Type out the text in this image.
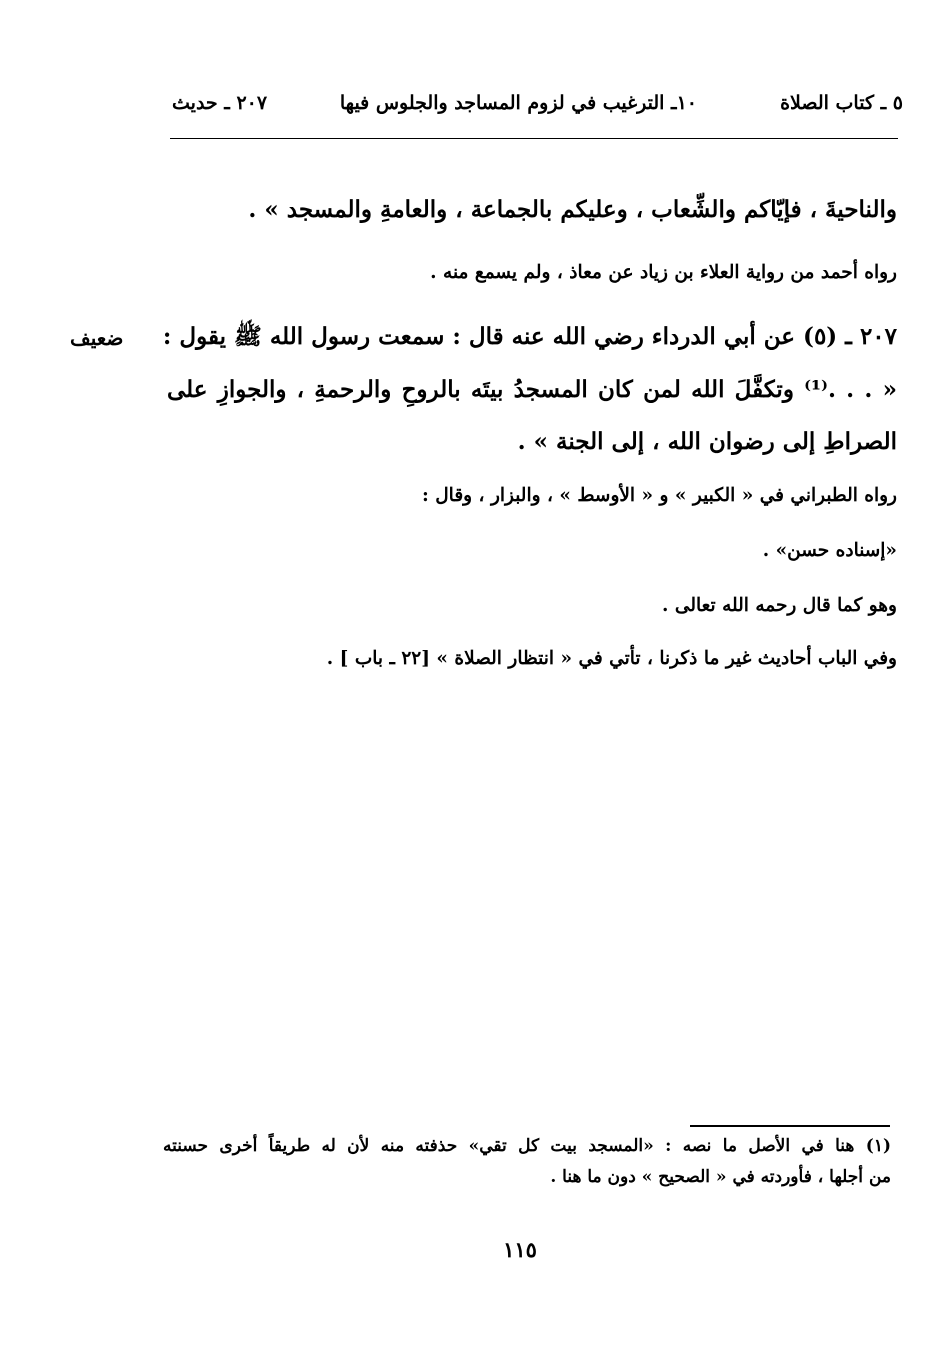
٥ ـ كتاب الصلاة
١٠ـ الترغيب في لزوم المساجد والجلوس فيها
٢٠٧ ـ حديث
والناحيةَ ، فإيّاكم والشِّعاب ، وعليكم بالجماعة ، والعامةِ والمسجد » .
رواه أحمد من رواية العلاء بن زياد عن معاذ ، ولم يسمع منه .
٢٠٧ ـ (٥) عن أبي الدرداء رضي الله عنه قال : سمعت رسول الله ﷺ يقول :
« . . .⁽¹⁾ وتكفَّلَ الله لمن كان المسجدُ بيتَه بالروحِ والرحمةِ ، والجوازِ على
الصراطِ إلى رضوان الله ، إلى الجنة » .
رواه الطبراني في « الكبير » و « الأوسط » ، والبزار ، وقال :
«إسناده حسن» .
وهو كما قال رحمه الله تعالى .
وفي الباب أحاديث غير ما ذكرنا ، تأتي في « انتظار الصلاة » [٢٢ ـ باب ] .
ضعيف
(١) هنا في الأصل ما نصه : «المسجد بيت كل تقي» حذفته منه لأن له طريقاً أخرى حسنته
من أجلها ، فأوردته في « الصحيح » دون ما هنا .
١١٥
